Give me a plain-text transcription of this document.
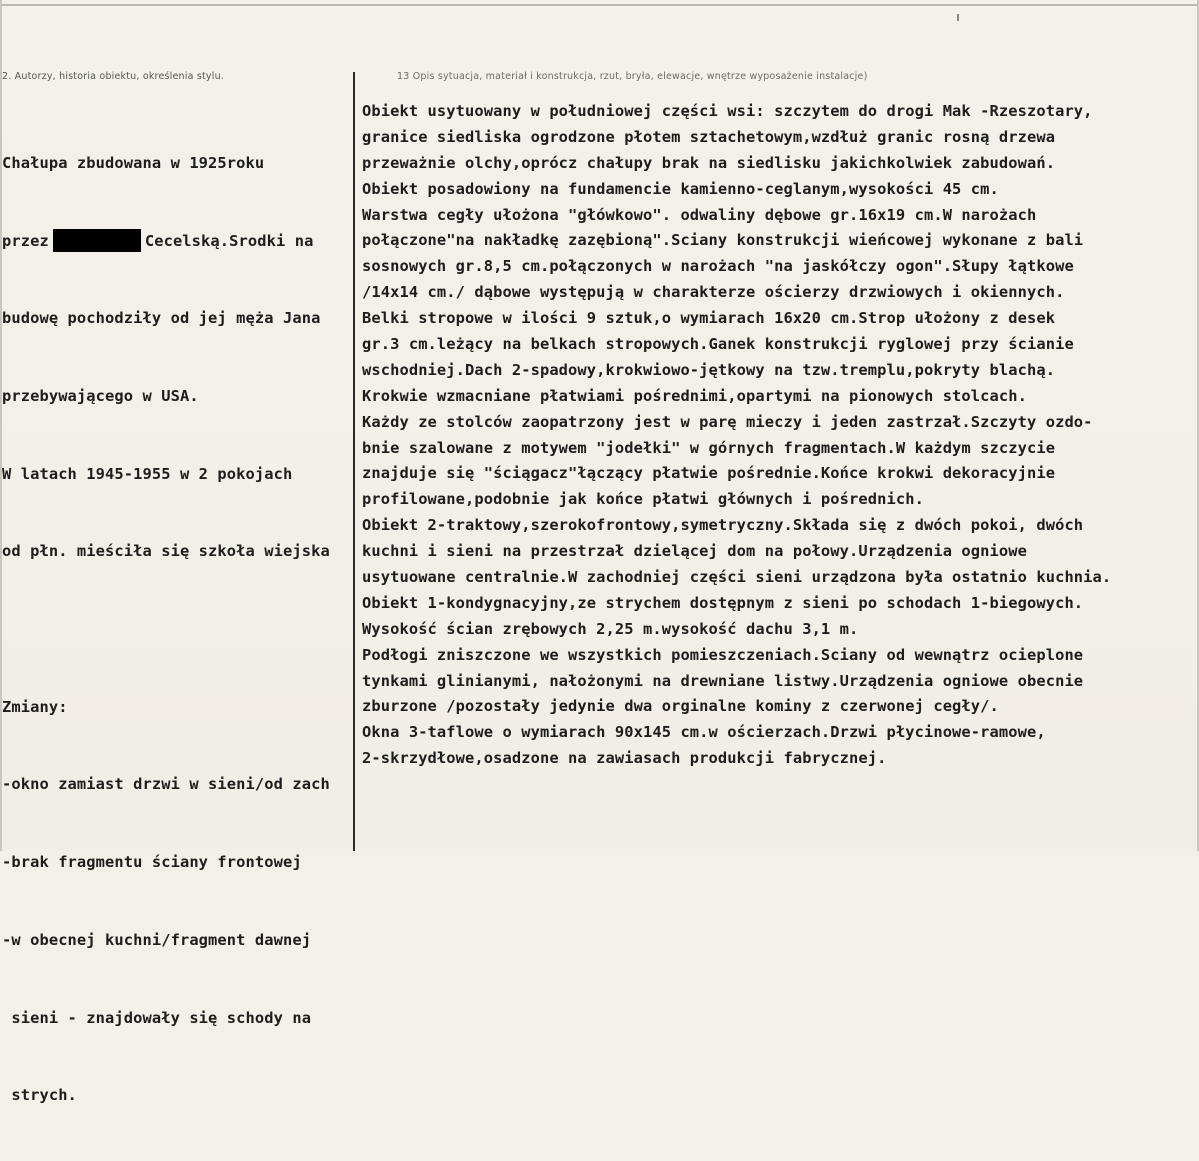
2. Autorzy, historia obiektu, określenia stylu.	13 Opis sytuacja, materiał i konstrukcja, rzut, bryła, elewacje, wnętrze wyposażenie instalacje)

Chałupa zbudowana w 1925roku

przez	Cecelską.Srodki na

budowę pochodziły od jej męża Jana

przebywającego w USA.

W latach 1945-1955 w 2 pokojach

od płn. mieściła się szkoła wiejska

Zmiany:

-okno zamiast drzwi w sieni/od zach

-brak fragmentu ściany frontowej

-w obecnej kuchni/fragment dawnej

sieni - znajdowały się schody na

strych.

Obiekt usytuowany w południowej części wsi: szczytem do drogi Mak -Rzeszotary,
granice siedliska ogrodzone płotem sztachetowym,wzdłuż granic rosną drzewa
przeważnie olchy,oprócz chałupy brak na siedlisku jakichkolwiek zabudowań.
Obiekt posadowiony na fundamencie kamienno-ceglanym,wysokości 45 cm.
Warstwa cegły ułożona "główkowo". odwaliny dębowe gr.16x19 cm.W narożach
połączone"na nakładkę zazębioną".Sciany konstrukcji wieńcowej wykonane z bali
sosnowych gr.8,5 cm.połączonych w narożach "na jaskółczy ogon".Słupy łątkowe
/14x14 cm./ dąbowe występują w charakterze ościerzy drzwiowych i okiennych.
Belki stropowe w ilości 9 sztuk,o wymiarach 16x20 cm.Strop ułożony z desek
gr.3 cm.leżący na belkach stropowych.Ganek konstrukcji ryglowej przy ścianie
wschodniej.Dach 2-spadowy,krokwiowo-jętkowy na tzw.tremplu,pokryty blachą.
Krokwie wzmacniane płatwiami pośrednimi,opartymi na pionowych stolcach.
Każdy ze stolców zaopatrzony jest w parę mieczy i jeden zastrzał.Szczyty ozdo-
bnie szalowane z motywem "jodełki" w górnych fragmentach.W każdym szczycie
znajduje się "ściągacz"łączący płatwie pośrednie.Końce krokwi dekoracyjnie
profilowane,podobnie jak końce płatwi głównych i pośrednich.
Obiekt 2-traktowy,szerokofrontowy,symetryczny.Składa się z dwóch pokoi, dwóch
kuchni i sieni na przestrzał dzielącej dom na połowy.Urządzenia ogniowe
usytuowane centralnie.W zachodniej części sieni urządzona była ostatnio kuchnia.
Obiekt 1-kondygnacyjny,ze strychem dostępnym z sieni po schodach 1-biegowych.
Wysokość ścian zrębowych 2,25 m.wysokość dachu 3,1 m.
Podłogi zniszczone we wszystkich pomieszczeniach.Sciany od wewnątrz ocieplone
tynkami glinianymi, nałożonymi na drewniane listwy.Urządzenia ogniowe obecnie
zburzone /pozostały jedynie dwa orginalne kominy z czerwonej cegły/.
Okna 3-taflowe o wymiarach 90x145 cm.w ościerzach.Drzwi płycinowe-ramowe,
2-skrzydłowe,osadzone na zawiasach produkcji fabrycznej.
